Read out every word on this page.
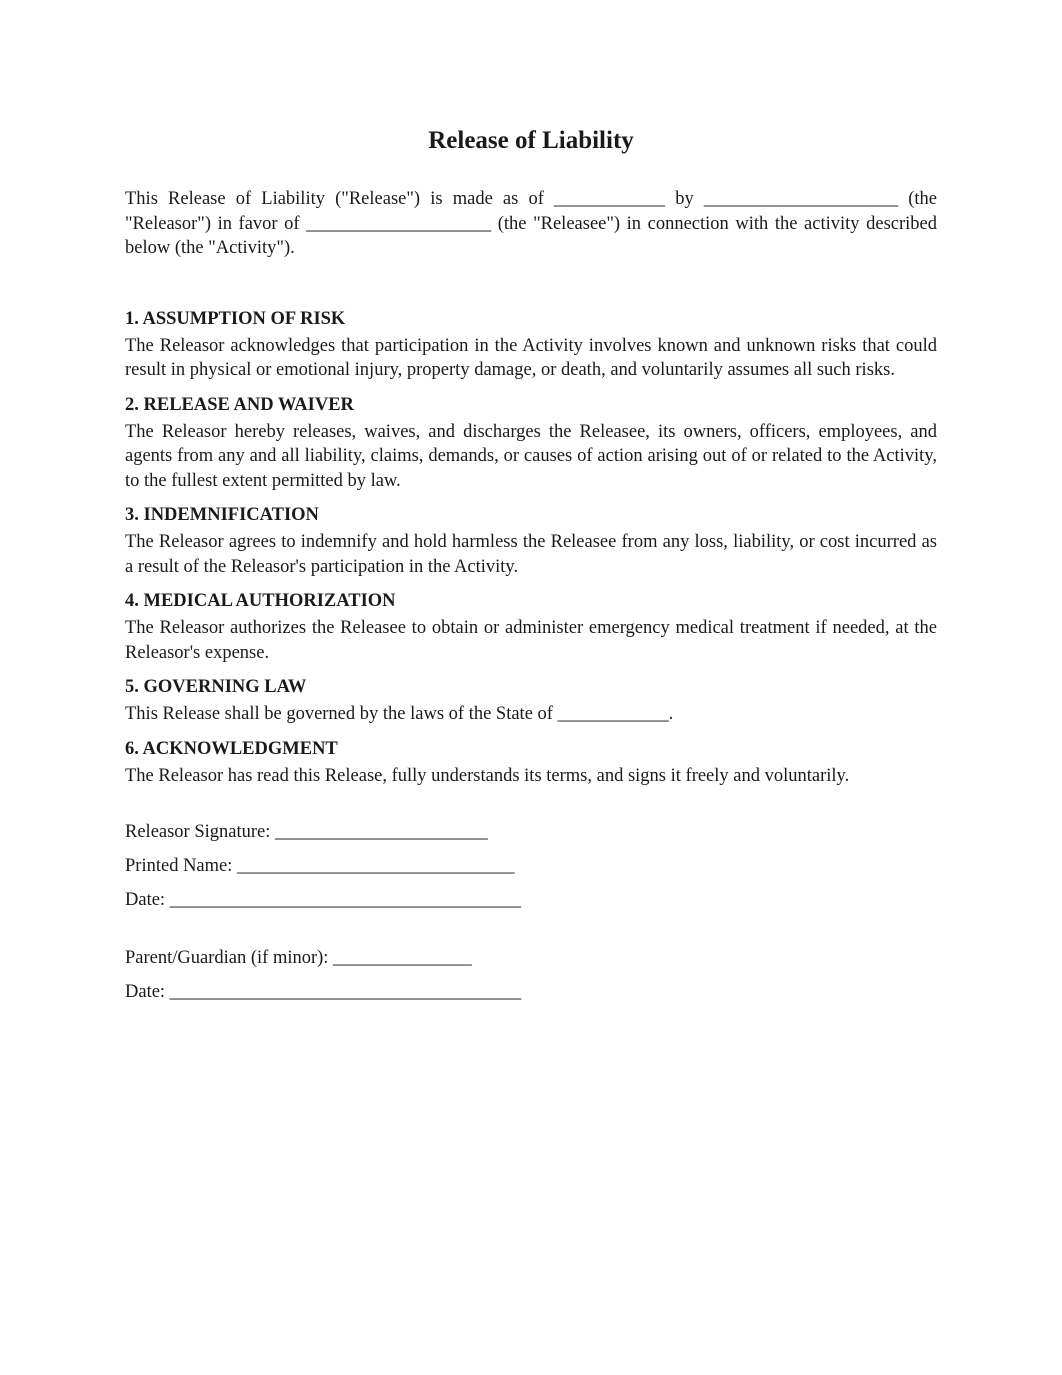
Release of Liability

This Release of Liability ("Release") is made as of ____________ by _____________________ (the "Releasor") in favor of ____________________ (the "Releasee") in connection with the activity described below (the "Activity").

1. ASSUMPTION OF RISK

The Releasor acknowledges that participation in the Activity involves known and unknown risks that could result in physical or emotional injury, property damage, or death, and voluntarily assumes all such risks.

2. RELEASE AND WAIVER

The Releasor hereby releases, waives, and discharges the Releasee, its owners, officers, employees, and agents from any and all liability, claims, demands, or causes of action arising out of or related to the Activity, to the fullest extent permitted by law.

3. INDEMNIFICATION

The Releasor agrees to indemnify and hold harmless the Releasee from any loss, liability, or cost incurred as a result of the Releasor's participation in the Activity.

4. MEDICAL AUTHORIZATION

The Releasor authorizes the Releasee to obtain or administer emergency medical treatment if needed, at the Releasor's expense.

5. GOVERNING LAW

This Release shall be governed by the laws of the State of ____________.

6. ACKNOWLEDGMENT

The Releasor has read this Release, fully understands its terms, and signs it freely and voluntarily.

Releasor Signature: _______________________
Printed Name: ______________________________
Date: ______________________________________
Parent/Guardian (if minor): _______________
Date: ______________________________________
